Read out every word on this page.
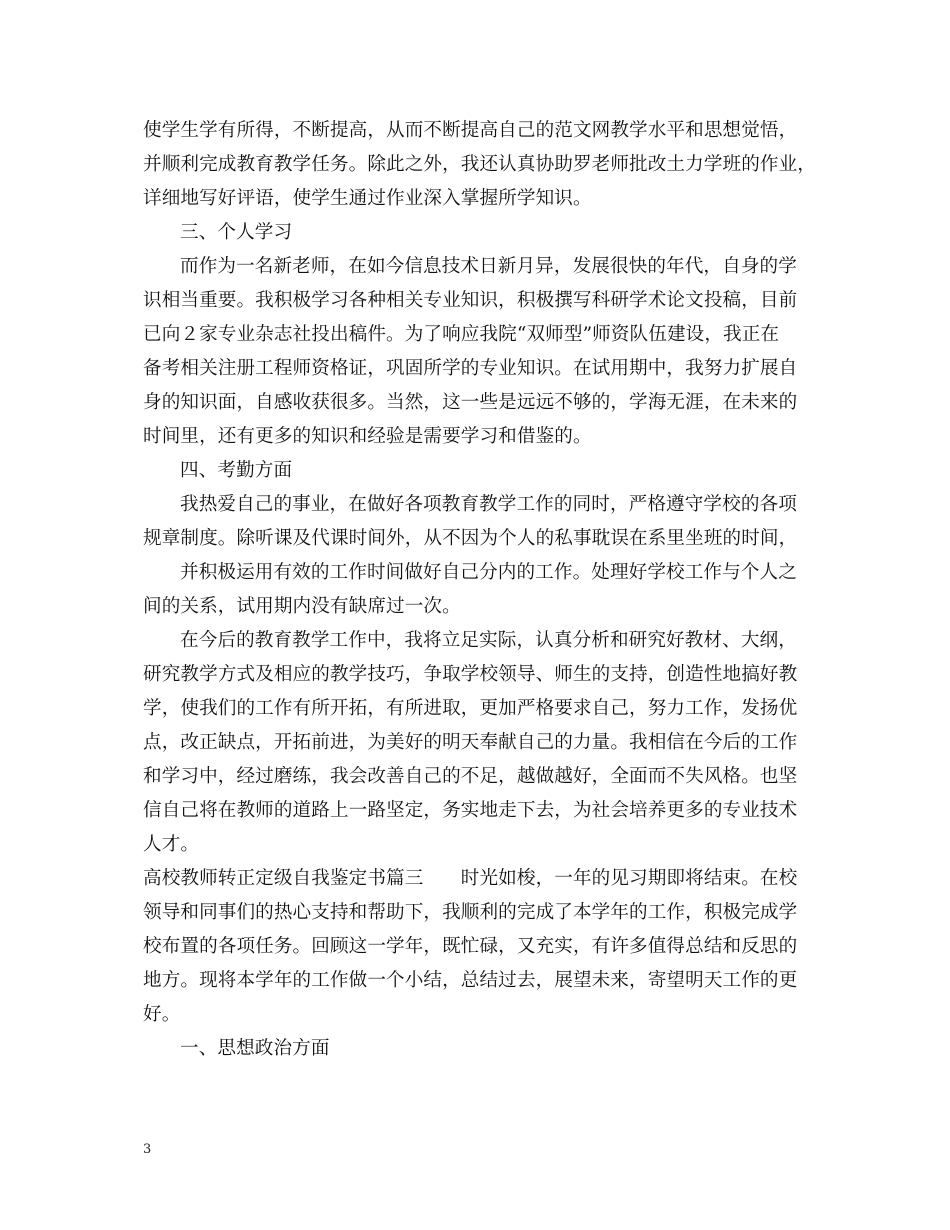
使学生学有所得，不断提高，从而不断提高自己的范文网教学水平和思想觉悟，
并顺利完成教育教学任务。除此之外，我还认真协助罗老师批改土力学班的作业，
详细地写好评语，使学生通过作业深入掌握所学知识。
三、个人学习
而作为一名新老师，在如今信息技术日新月异，发展很快的年代，自身的学
识相当重要。我积极学习各种相关专业知识，积极撰写科研学术论文投稿，目前
已向２家专业杂志社投出稿件。为了响应我院“双师型”师资队伍建设，我正在
备考相关注册工程师资格证，巩固所学的专业知识。在试用期中，我努力扩展自
身的知识面，自感收获很多。当然，这一些是远远不够的，学海无涯，在未来的
时间里，还有更多的知识和经验是需要学习和借鉴的。
四、考勤方面
我热爱自己的事业，在做好各项教育教学工作的同时，严格遵守学校的各项
规章制度。除听课及代课时间外，从不因为个人的私事耽误在系里坐班的时间，
并积极运用有效的工作时间做好自己分内的工作。处理好学校工作与个人之
间的关系，试用期内没有缺席过一次。
在今后的教育教学工作中，我将立足实际，认真分析和研究好教材、大纲，
研究教学方式及相应的教学技巧，争取学校领导、师生的支持，创造性地搞好教
学，使我们的工作有所开拓，有所进取，更加严格要求自己，努力工作，发扬优
点，改正缺点，开拓前进，为美好的明天奉献自己的力量。我相信在今后的工作
和学习中，经过磨练，我会改善自己的不足，越做越好，全面而不失风格。也坚
信自己将在教师的道路上一路坚定，务实地走下去，为社会培养更多的专业技术
人才。
高校教师转正定级自我鉴定书篇三　　时光如梭，一年的见习期即将结束。在校
领导和同事们的热心支持和帮助下，我顺利的完成了本学年的工作，积极完成学
校布置的各项任务。回顾这一学年，既忙碌，又充实，有许多值得总结和反思的
地方。现将本学年的工作做一个小结，总结过去，展望未来，寄望明天工作的更
好。
一、思想政治方面
3
